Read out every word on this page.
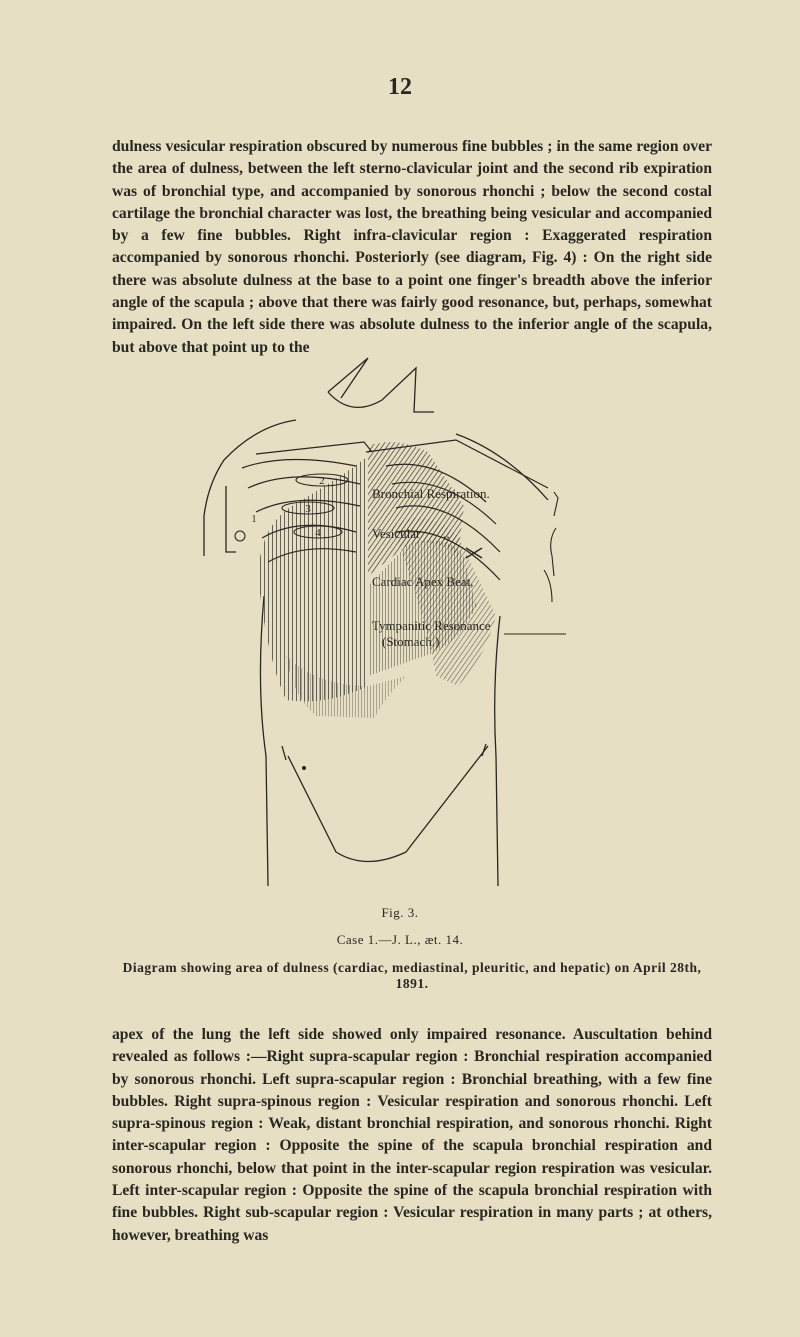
12

dulness vesicular respiration obscured by numerous fine bubbles ; in the same region over the area of dulness, between the left sterno-clavicular joint and the second rib expiration was of bronchial type, and accompanied by sonorous rhonchi ; below the second costal cartilage the bronchial character was lost, the breathing being vesicular and accompanied by a few fine bubbles. Right infra-clavicular region : Exaggerated respiration accompanied by sonorous rhonchi. Posteriorly (see diagram, Fig. 4) : On the right side there was absolute dulness at the base to a point one finger's breadth above the inferior angle of the scapula ; above that there was fairly good resonance, but, perhaps, somewhat impaired. On the left side there was absolute dulness to the inferior angle of the scapula, but above that point up to the

2
3
4
1
Bronchial Respiration.
Vesicular       ,,
Cardiac Apex Beat,
Tympanitic Resonance
(Stomach.)
Fig. 3.
Case 1.—J. L., æt. 14.
Diagram showing area of dulness (cardiac, mediastinal, pleuritic, and hepatic) on April 28th, 1891.

apex of the lung the left side showed only impaired resonance. Auscultation behind revealed as follows :—Right supra-scapular region : Bronchial respiration accompanied by sonorous rhonchi. Left supra-scapular region : Bronchial breathing, with a few fine bubbles. Right supra-spinous region : Vesicular respiration and sonorous rhonchi. Left supra-spinous region : Weak, distant bronchial respiration, and sonorous rhonchi. Right inter-scapular region : Opposite the spine of the scapula bronchial respiration and sonorous rhonchi, below that point in the inter-scapular region respiration was vesicular. Left inter-scapular region : Opposite the spine of the scapula bronchial respiration with fine bubbles. Right sub-scapular region : Vesicular respiration in many parts ; at others, however, breathing was
